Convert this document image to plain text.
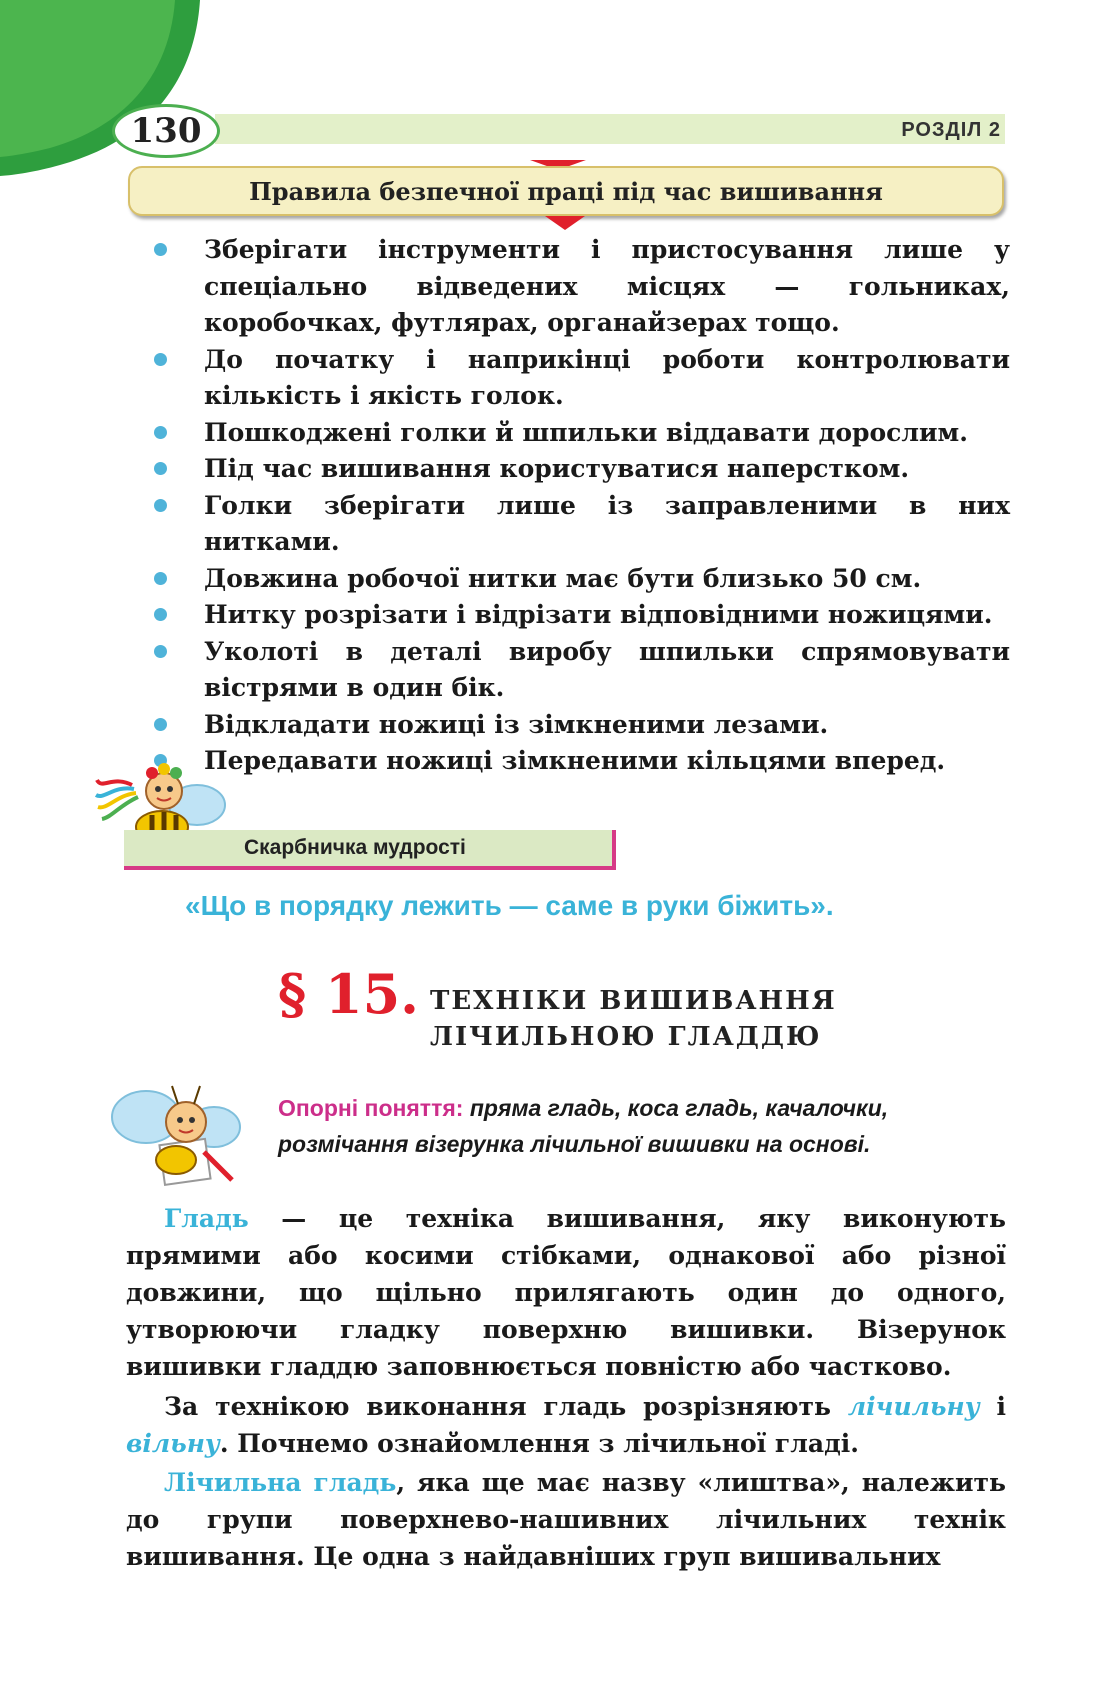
РОЗДІЛ 2
130
Правила безпечної праці під час вишивання
Зберігати інструменти і пристосування лише у спеціально відведених місцях — гольниках, коробочках, футлярах, органайзерах тощо.
До початку і наприкінці роботи контролювати кількість і якість голок.
Пошкоджені голки й шпильки віддавати дорослим.
Під час вишивання користуватися наперстком.
Голки зберігати лише із заправленими в них нитками.
Довжина робочої нитки має бути близько 50 см.
Нитку розрізати і відрізати відповідними ножицями.
Уколоті в деталі виробу шпильки спрямовувати вістрями в один бік.
Відкладати ножиці із зімкненими лезами.
Передавати ножиці зімкненими кільцями вперед.
Скарбничка мудрості
«Що в порядку лежить — саме в руки біжить».
§ 15. ТЕХНІКИ ВИШИВАННЯ
ЛІЧИЛЬНОЮ ГЛАДДЮ
Опорні поняття: пряма гладь, коса гладь, качалочки, розмічання візерунка лічильної вишивки на основі.
Гладь — це техніка вишивання, яку виконують прямими або косими стібками, однакової або різної довжини, що щільно прилягають один до одного, утворюючи гладку поверхню вишивки. Візерунок вишивки гладдю заповнюється повністю або частково.
За технікою виконання гладь розрізняють лічильну і вільну. Почнемо ознайомлення з лічильної гладі.
Лічильна гладь, яка ще має назву «лиштва», належить до групи поверхнево-нашивних лічильних технік вишивання. Це одна з найдавніших груп вишивальних
